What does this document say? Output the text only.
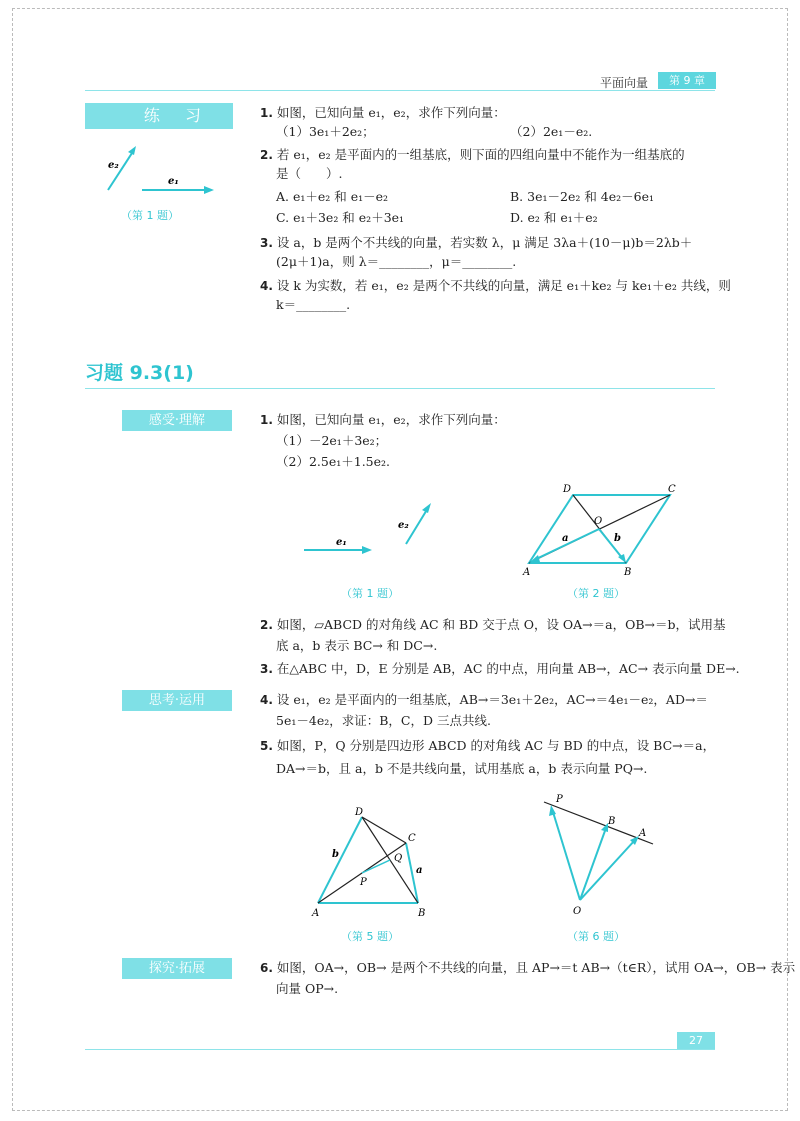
平面向量	第 9 章
练 习
e₂
e₁
（第 1 题）
1. 如图，已知向量 e₁，e₂，求作下列向量：
（1）3e₁＋2e₂；	（2）2e₁－e₂.
2. 若 e₁，e₂ 是平面内的一组基底，则下面的四组向量中不能作为一组基底的
是（　　）.
A. e₁＋e₂ 和 e₁－e₂	B. 3e₁－2e₂ 和 4e₂－6e₁
C. e₁＋3e₂ 和 e₂＋3e₁	D. e₂ 和 e₁＋e₂
3. 设 a，b 是两个不共线的向量，若实数 λ，μ 满足 3λa＋(10－μ)b＝2λb＋
(2μ＋1)a，则 λ＝________，μ＝________.
4. 设 k 为实数，若 e₁，e₂ 是两个不共线的向量，满足 e₁＋ke₂ 与 ke₁＋e₂ 共线，则
k＝________.
习题 9.3(1)
感受·理解	1. 如图，已知向量 e₁，e₂，求作下列向量：
（1）－2e₁＋3e₂；
（2）2.5e₁＋1.5e₂.
e₁
e₂
（第 1 题）
A	B
C
D
O
a	b
（第 2 题）
2. 如图，▱ABCD 的对角线 AC 和 BD 交于点 O，设 OA→＝a，OB→＝b，试用基
底 a，b 表示 BC→ 和 DC→.
3. 在△ABC 中，D，E 分别是 AB，AC 的中点，用向量 AB→，AC→ 表示向量 DE→.
思考·运用	4. 设 e₁，e₂ 是平面内的一组基底，AB→＝3e₁＋2e₂，AC→＝4e₁－e₂，AD→＝
5e₁－4e₂，求证：B，C，D 三点共线.
5. 如图，P，Q 分别是四边形 ABCD 的对角线 AC 与 BD 的中点，设 BC→＝a，
DA→＝b，且 a，b 不是共线向量，试用基底 a，b 表示向量 PQ→.
A	B
C
D
P
Q
a
b
（第 5 题）
P
B
A
O
（第 6 题）
探究·拓展	6. 如图，OA→，OB→ 是两个不共线的向量，且 AP→＝t AB→（t∈R），试用 OA→，OB→ 表示
向量 OP→.
27
